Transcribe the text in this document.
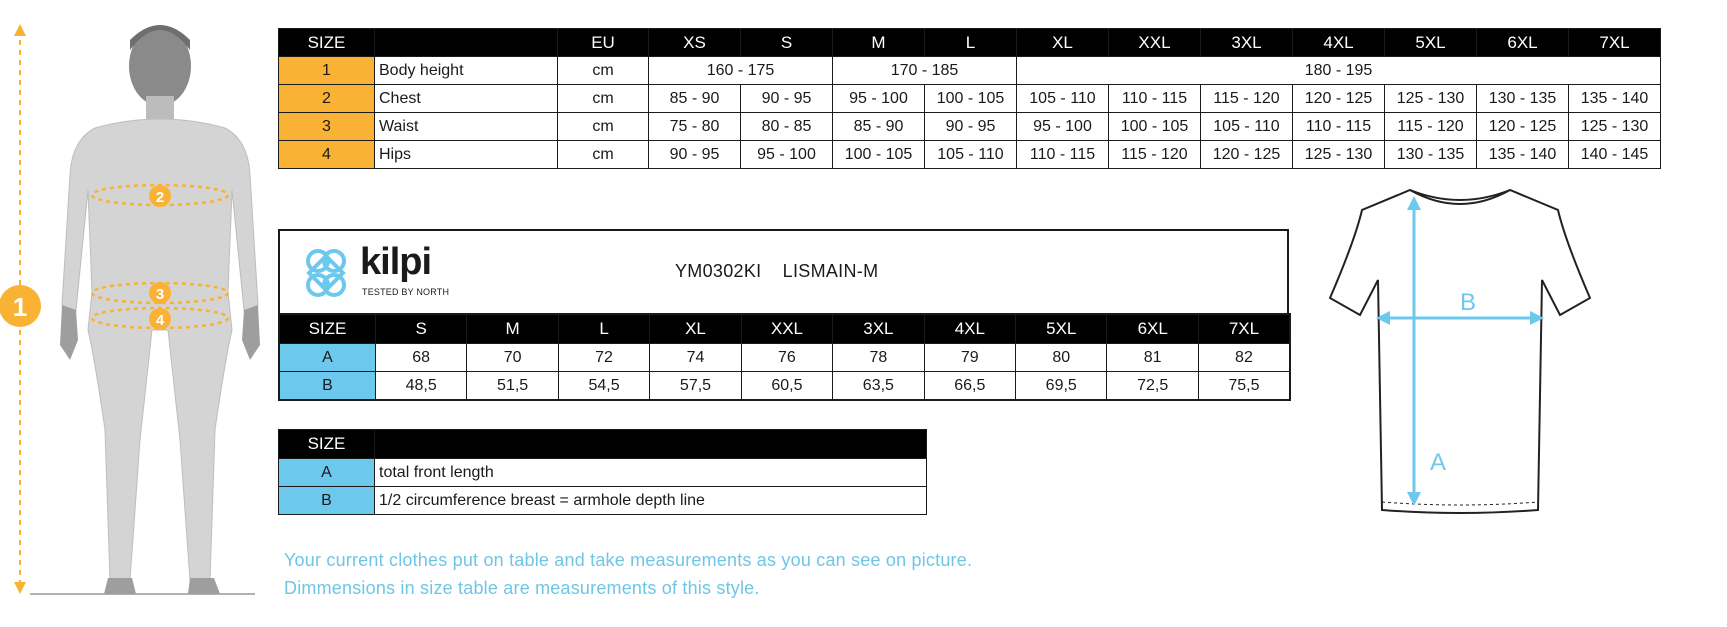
1
2
3
4
SIZE		EU	XS	S	M	L	XL	XXL	3XL	4XL	5XL	6XL	7XL
1	Body height	cm	160 - 175		170 - 185		180 - 195						
2	Chest	cm	85 - 90	90 - 95	95 - 100	100 - 105	105 - 110	110 - 115	115 - 120	120 - 125	125 - 130	130 - 135	135 - 140
3	Waist	cm	75 - 80	80 - 85	85 - 90	90 - 95	95 - 100	100 - 105	105 - 110	110 - 115	115 - 120	120 - 125	125 - 130
4	Hips	cm	90 - 95	95 - 100	100 - 105	105 - 110	110 - 115	115 - 120	120 - 125	125 - 130	130 - 135	135 - 140	140 - 145
kilpi
TESTED BY NORTH
YM0302KI    LISMAIN-M
SIZE	S	M	L	XL	XXL	3XL	4XL	5XL	6XL	7XL
A	68	70	72	74	76	78	79	80	81	82
B	48,5	51,5	54,5	57,5	60,5	63,5	66,5	69,5	72,5	75,5
SIZE	
A	total front length
B	1/2 circumference breast = armhole depth line
Your current clothes put on table and take measurements as you can see on picture.
Dimmensions in size table are measurements of this style.
A
B
